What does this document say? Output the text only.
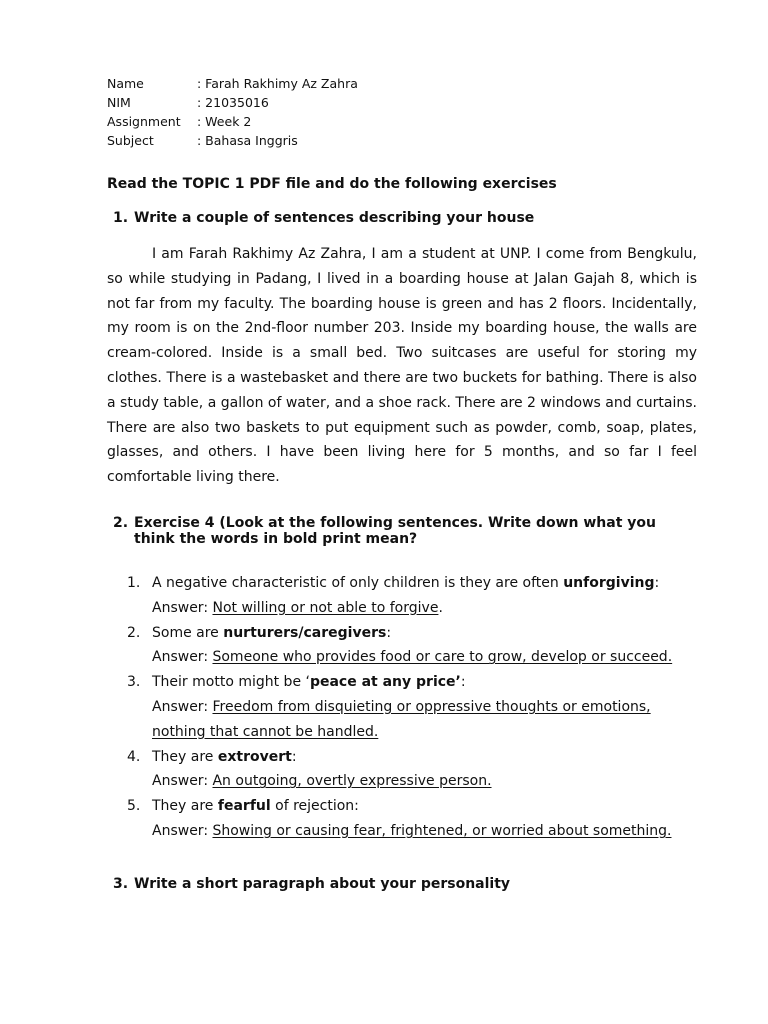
Name	: Farah Rakhimy Az Zahra
NIM	: 21035016
Assignment	: Week 2
Subject	: Bahasa Inggris
Read the TOPIC 1 PDF file and do the following exercises
1. Write a couple of sentences describing your house
I am Farah Rakhimy Az Zahra, I am a student at UNP. I come from Bengkulu, so while studying in Padang, I lived in a boarding house at Jalan Gajah 8, which is not far from my faculty. The boarding house is green and has 2 floors. Incidentally, my room is on the 2nd-floor number 203. Inside my boarding house, the walls are cream-colored. Inside is a small bed. Two suitcases are useful for storing my clothes. There is a wastebasket and there are two buckets for bathing. There is also a study table, a gallon of water, and a shoe rack. There are 2 windows and curtains. There are also two baskets to put equipment such as powder, comb, soap, plates, glasses, and others. I have been living here for 5 months, and so far I feel comfortable living there.
2. Exercise 4 (Look at the following sentences. Write down what you think the words in bold print mean?
1. A negative characteristic of only children is they are often unforgiving:
Answer: Not willing or not able to forgive.
2. Some are nurturers/caregivers:
Answer: Someone who provides food or care to grow, develop or succeed.
3. Their motto might be ‘peace at any price’:
Answer: Freedom from disquieting or oppressive thoughts or emotions,
nothing that cannot be handled.
4. They are extrovert:
Answer: An outgoing, overtly expressive person.
5. They are fearful of rejection:
Answer: Showing or causing fear, frightened, or worried about something.
3. Write a short paragraph about your personality
